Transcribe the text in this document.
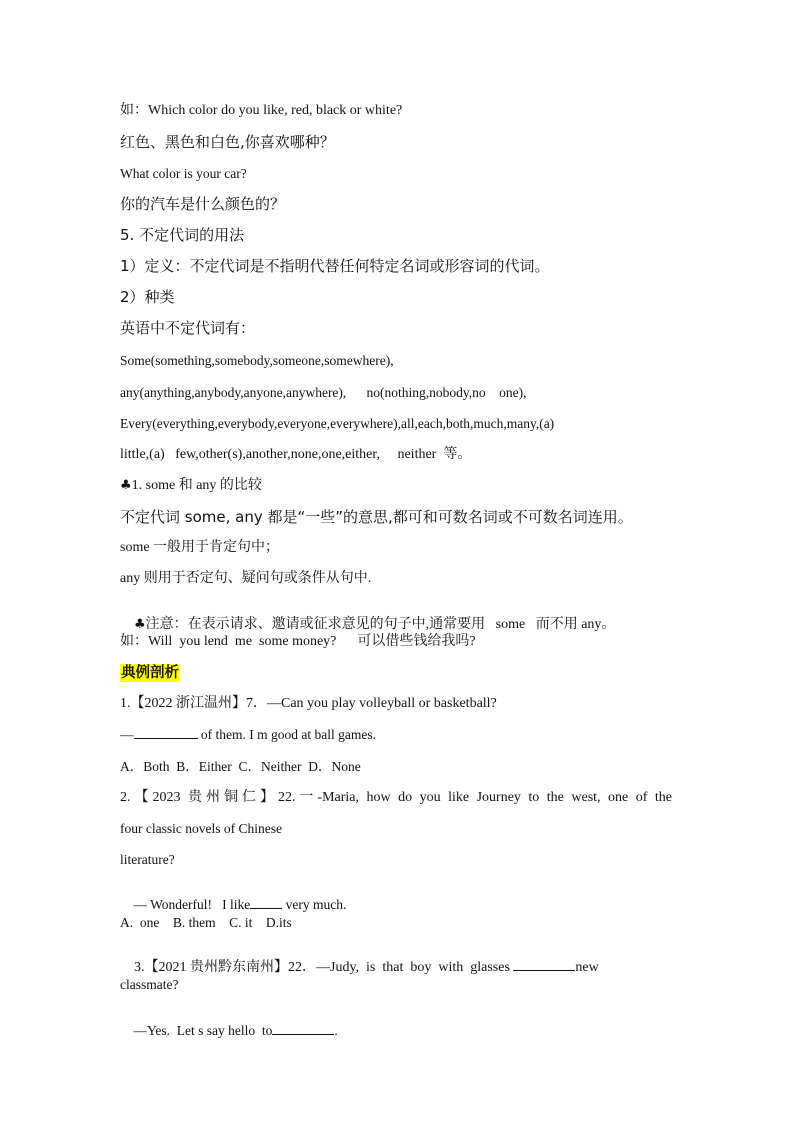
如：Which color do you like, red, black or white?

红色、黑色和白色,你喜欢哪种？

What color is your car?

你的汽车是什么颜色的？

5. 不定代词的用法

1）定义：不定代词是不指明代替任何特定名词或形容词的代词。

2）种类

英语中不定代词有：

Some(something,somebody,someone,somewhere),

any(anything,anybody,anyone,anywhere),      no(nothing,nobody,no    one),

Every(everything,everybody,everyone,everywhere),all,each,both,much,many,(a)

little,(a)   few,other(s),another,none,one,either,     neither  等。

♣1. some 和 any 的比较

不定代词 some, any 都是“一些”的意思,都可和可数名词或不可数名词连用。

some 一般用于肯定句中；

any 则用于否定句、疑问句或条件从句中.

♣注意：在表示请求、邀请或征求意见的句子中,通常要用   some   而不用 any。

如：Will  you lend  me  some money?      可以借些钱给我吗?

典例剖析

1.【2022 浙江温州】7．—Can you play volleyball or basketball?

—	of them. I m good at ball games.

A．Both  B．Either  C．Neither  D．None

2.【2023 贵州铜仁】22.一-Maria, how do you like Journey to the west, one of the

four classic novels of Chinese

literature?

— Wonderful!   I like very much.

A.  one    B. them    C. it    D.its

3.【2021 贵州黔东南州】22．—Judy,  is  that  boy  with  glasses	new

classmate?

—Yes.  Let s say hello  to	.
